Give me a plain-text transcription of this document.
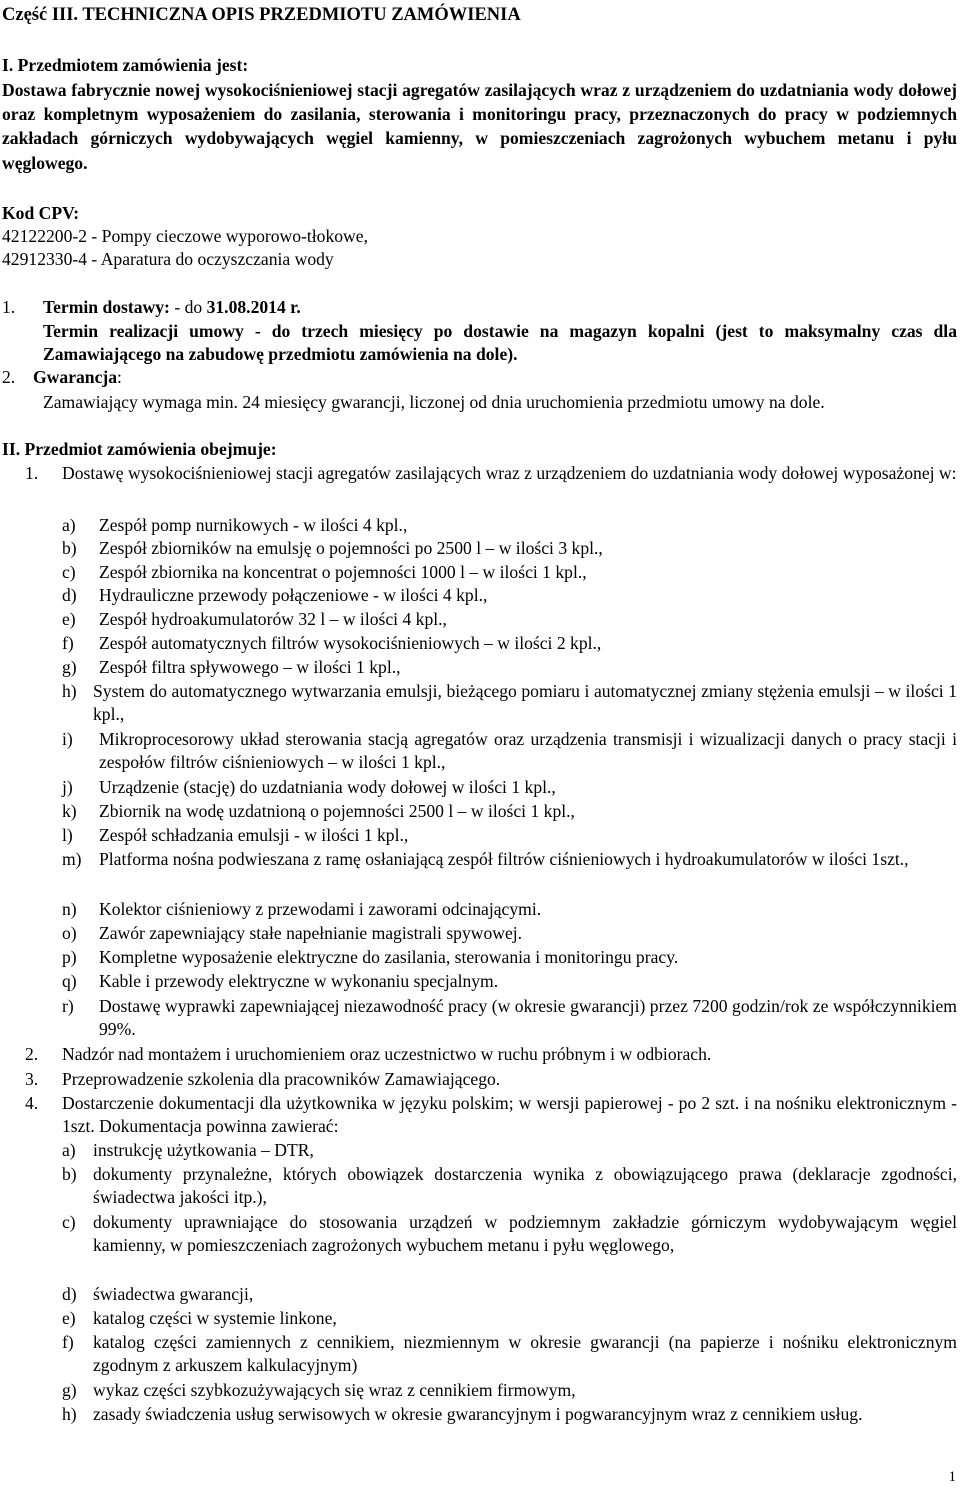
Część III. TECHNICZNA OPIS PRZEDMIOTU ZAMÓWIENIA
I. Przedmiotem zamówienia jest:
Dostawa fabrycznie nowej wysokociśnieniowej stacji agregatów zasilających wraz z urządzeniem do uzdatniania wody dołowej oraz kompletnym wyposażeniem do zasilania, sterowania i monitoringu pracy, przeznaczonych do pracy w podziemnych zakładach górniczych wydobywających węgiel kamienny, w pomieszczeniach zagrożonych wybuchem metanu i pyłu węglowego.
Kod CPV:
42122200-2 - Pompy cieczowe wyporowo-tłokowe,
42912330-4 - Aparatura do oczyszczania wody
1. Termin dostawy: - do 31.08.2014 r.
Termin realizacji umowy - do trzech miesięcy po dostawie na magazyn kopalni (jest to maksymalny czas dla Zamawiającego na zabudowę przedmiotu zamówienia na dole).
2. Gwarancja:
Zamawiający wymaga min. 24 miesięcy gwarancji, liczonej od dnia uruchomienia przedmiotu umowy na dole.
II. Przedmiot zamówienia obejmuje:
1. Dostawę wysokociśnieniowej stacji agregatów zasilających wraz z urządzeniem do uzdatniania wody dołowej wyposażonej w:
a) Zespół pomp nurnikowych - w ilości 4 kpl.,
b) Zespół zbiorników na emulsję o pojemności po 2500 l – w ilości 3 kpl.,
c) Zespół zbiornika na koncentrat o pojemności 1000 l – w ilości 1 kpl.,
d) Hydrauliczne przewody połączeniowe - w ilości 4 kpl.,
e) Zespół hydroakumulatorów 32 l – w ilości 4 kpl.,
f) Zespół automatycznych filtrów wysokociśnieniowych – w ilości 2 kpl.,
g) Zespół filtra spływowego – w ilości 1 kpl.,
h) System do automatycznego wytwarzania emulsji, bieżącego pomiaru i automatycznej zmiany stężenia emulsji – w ilości 1 kpl.,
i) Mikroprocesorowy układ sterowania stacją agregatów oraz urządzenia transmisji i wizualizacji danych o pracy stacji i zespołów filtrów ciśnieniowych – w ilości 1 kpl.,
j) Urządzenie (stację) do uzdatniania wody dołowej w ilości 1 kpl.,
k) Zbiornik na wodę uzdatnioną o pojemności 2500 l – w ilości 1 kpl.,
l) Zespół schładzania emulsji - w ilości 1 kpl.,
m) Platforma nośna podwieszana z ramę osłaniającą zespół filtrów ciśnieniowych i hydroakumulatorów w ilości 1szt.,
n) Kolektor ciśnieniowy z przewodami i zaworami odcinającymi.
o) Zawór zapewniający stałe napełnianie magistrali spywowej.
p) Kompletne wyposażenie elektryczne do zasilania, sterowania i monitoringu pracy.
q) Kable i przewody elektryczne w wykonaniu specjalnym.
r) Dostawę wyprawki zapewniającej niezawodność pracy (w okresie gwarancji) przez 7200 godzin/rok ze współczynnikiem 99%.
2. Nadzór nad montażem i uruchomieniem oraz uczestnictwo w ruchu próbnym i w odbiorach.
3. Przeprowadzenie szkolenia dla pracowników Zamawiającego.
4. Dostarczenie dokumentacji dla użytkownika w języku polskim; w wersji papierowej - po 2 szt. i na nośniku elektronicznym - 1szt. Dokumentacja powinna zawierać:
a) instrukcję użytkowania – DTR,
b) dokumenty przynależne, których obowiązek dostarczenia wynika z obowiązującego prawa (deklaracje zgodności, świadectwa jakości itp.),
c) dokumenty uprawniające do stosowania urządzeń w podziemnym zakładzie górniczym wydobywającym węgiel kamienny, w pomieszczeniach zagrożonych wybuchem metanu i pyłu węglowego,
d) świadectwa gwarancji,
e) katalog części w systemie linkone,
f) katalog części zamiennych z cennikiem, niezmiennym w okresie gwarancji (na papierze i nośniku elektronicznym zgodnym z arkuszem kalkulacyjnym)
g) wykaz części szybkozużywających się wraz z cennikiem firmowym,
h) zasady świadczenia usług serwisowych w okresie gwarancyjnym i pogwarancyjnym wraz z cennikiem usług.
1
